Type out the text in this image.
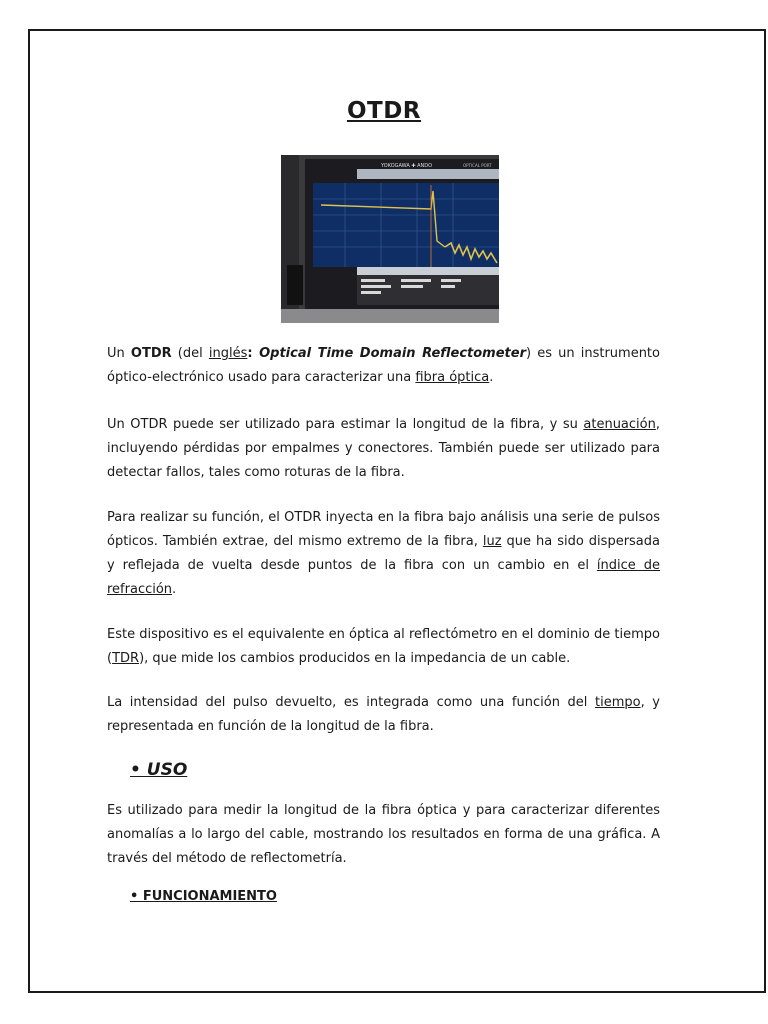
OTDR
YOKOGAWA ✚ ANDO	OPTICAL PORT

Un OTDR (del inglés: Optical Time Domain Reflectometer) es un instrumento óptico-electrónico usado para caracterizar una fibra óptica.

Un OTDR puede ser utilizado para estimar la longitud de la fibra, y su atenuación, incluyendo pérdidas por empalmes y conectores. También puede ser utilizado para detectar fallos, tales como roturas de la fibra.

Para realizar su función, el OTDR inyecta en la fibra bajo análisis una serie de pulsos ópticos. También extrae, del mismo extremo de la fibra, luz que ha sido dispersada y reflejada de vuelta desde puntos de la fibra con un cambio en el índice de refracción.

Este dispositivo es el equivalente en óptica al reflectómetro en el dominio de tiempo (TDR), que mide los cambios producidos en la impedancia de un cable.

La intensidad del pulso devuelto, es integrada como una función del tiempo, y representada en función de la longitud de la fibra.

• USO

Es utilizado para medir la longitud de la fibra óptica y para caracterizar diferentes anomalías a lo largo del cable, mostrando los resultados en forma de una gráfica. A través del método de reflectometría.

• FUNCIONAMIENTO
